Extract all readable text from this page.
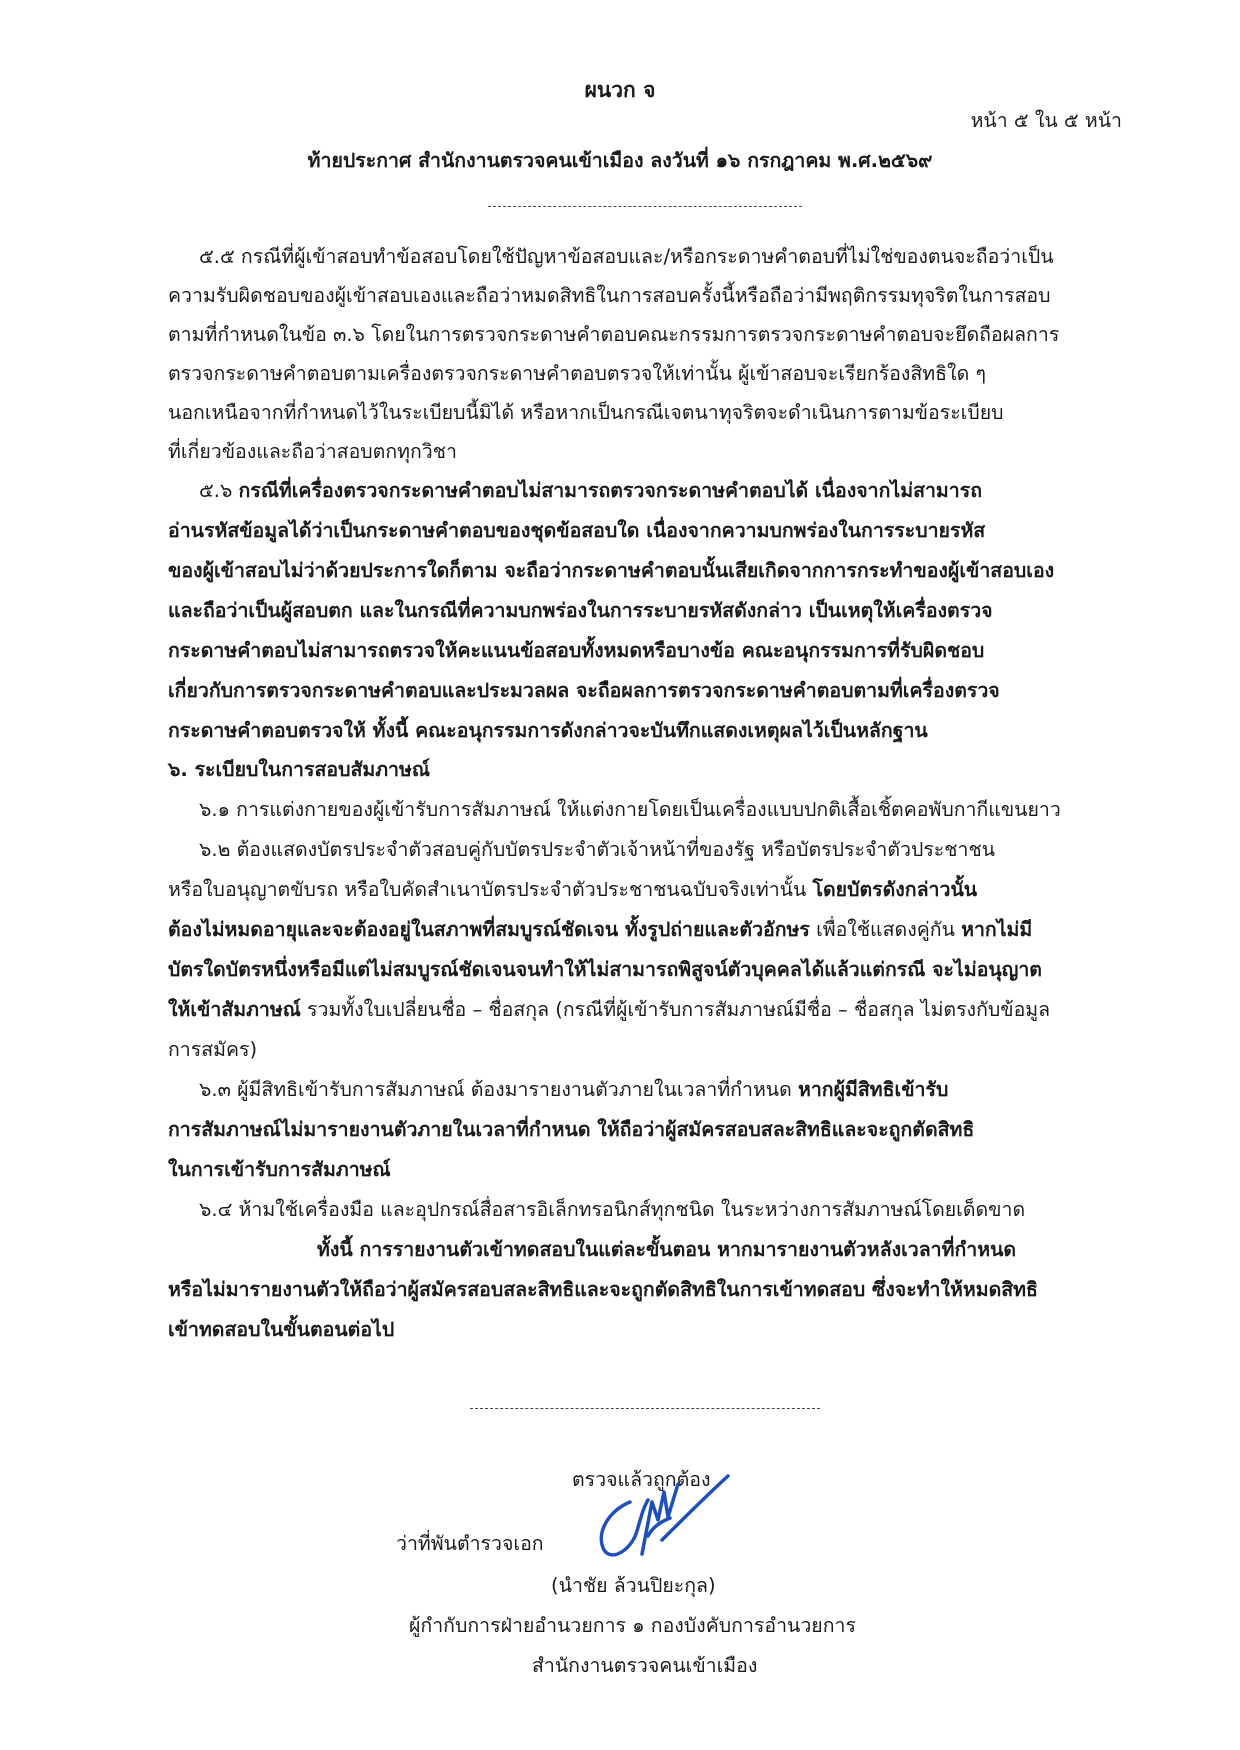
ผนวก จ
หน้า ๕ ใน ๕ หน้า
ท้ายประกาศ สำนักงานตรวจคนเข้าเมือง ลงวันที่ ๑๖ กรกฎาคม พ.ศ.๒๕๖๙
๕.๕ กรณีที่ผู้เข้าสอบทำข้อสอบโดยใช้ปัญหาข้อสอบและ/หรือกระดาษคำตอบที่ไม่ใช่ของตนจะถือว่าเป็น
ความรับผิดชอบของผู้เข้าสอบเองและถือว่าหมดสิทธิในการสอบครั้งนี้หรือถือว่ามีพฤติกรรมทุจริตในการสอบ
ตามที่กำหนดในข้อ ๓.๖ โดยในการตรวจกระดาษคำตอบคณะกรรมการตรวจกระดาษคำตอบจะยึดถือผลการ
ตรวจกระดาษคำตอบตามเครื่องตรวจกระดาษคำตอบตรวจให้เท่านั้น ผู้เข้าสอบจะเรียกร้องสิทธิใด ๆ
นอกเหนือจากที่กำหนดไว้ในระเบียบนี้มิได้ หรือหากเป็นกรณีเจตนาทุจริตจะดำเนินการตามข้อระเบียบ
ที่เกี่ยวข้องและถือว่าสอบตกทุกวิชา
๕.๖ กรณีที่เครื่องตรวจกระดาษคำตอบไม่สามารถตรวจกระดาษคำตอบได้ เนื่องจากไม่สามารถ
อ่านรหัสข้อมูลได้ว่าเป็นกระดาษคำตอบของชุดข้อสอบใด เนื่องจากความบกพร่องในการระบายรหัส
ของผู้เข้าสอบไม่ว่าด้วยประการใดก็ตาม จะถือว่ากระดาษคำตอบนั้นเสียเกิดจากการกระทำของผู้เข้าสอบเอง
และถือว่าเป็นผู้สอบตก และในกรณีที่ความบกพร่องในการระบายรหัสดังกล่าว เป็นเหตุให้เครื่องตรวจ
กระดาษคำตอบไม่สามารถตรวจให้คะแนนข้อสอบทั้งหมดหรือบางข้อ คณะอนุกรรมการที่รับผิดชอบ
เกี่ยวกับการตรวจกระดาษคำตอบและประมวลผล จะถือผลการตรวจกระดาษคำตอบตามที่เครื่องตรวจ
กระดาษคำตอบตรวจให้ ทั้งนี้ คณะอนุกรรมการดังกล่าวจะบันทึกแสดงเหตุผลไว้เป็นหลักฐาน
๖. ระเบียบในการสอบสัมภาษณ์
๖.๑ การแต่งกายของผู้เข้ารับการสัมภาษณ์ ให้แต่งกายโดยเป็นเครื่องแบบปกติเสื้อเชิ้ตคอพับกากีแขนยาว
๖.๒ ต้องแสดงบัตรประจำตัวสอบคู่กับบัตรประจำตัวเจ้าหน้าที่ของรัฐ หรือบัตรประจำตัวประชาชน
หรือใบอนุญาตขับรถ หรือใบคัดสำเนาบัตรประจำตัวประชาชนฉบับจริงเท่านั้น โดยบัตรดังกล่าวนั้น
ต้องไม่หมดอายุและจะต้องอยู่ในสภาพที่สมบูรณ์ชัดเจน ทั้งรูปถ่ายและตัวอักษร เพื่อใช้แสดงคู่กัน หากไม่มี
บัตรใดบัตรหนึ่งหรือมีแต่ไม่สมบูรณ์ชัดเจนจนทำให้ไม่สามารถพิสูจน์ตัวบุคคลได้แล้วแต่กรณี จะไม่อนุญาต
ให้เข้าสัมภาษณ์ รวมทั้งใบเปลี่ยนชื่อ – ชื่อสกุล (กรณีที่ผู้เข้ารับการสัมภาษณ์มีชื่อ – ชื่อสกุล ไม่ตรงกับข้อมูล
การสมัคร)
๖.๓ ผู้มีสิทธิเข้ารับการสัมภาษณ์ ต้องมารายงานตัวภายในเวลาที่กำหนด หากผู้มีสิทธิเข้ารับ
การสัมภาษณ์ไม่มารายงานตัวภายในเวลาที่กำหนด ให้ถือว่าผู้สมัครสอบสละสิทธิและจะถูกตัดสิทธิ
ในการเข้ารับการสัมภาษณ์
๖.๔ ห้ามใช้เครื่องมือ และอุปกรณ์สื่อสารอิเล็กทรอนิกส์ทุกชนิด ในระหว่างการสัมภาษณ์โดยเด็ดขาด
ทั้งนี้ การรายงานตัวเข้าทดสอบในแต่ละขั้นตอน หากมารายงานตัวหลังเวลาที่กำหนด
หรือไม่มารายงานตัวให้ถือว่าผู้สมัครสอบสละสิทธิและจะถูกตัดสิทธิในการเข้าทดสอบ ซึ่งจะทำให้หมดสิทธิ
เข้าทดสอบในขั้นตอนต่อไป
ตรวจแล้วถูกต้อง
ว่าที่พันตำรวจเอก
(นำชัย ล้วนปิยะกุล)
ผู้กำกับการฝ่ายอำนวยการ ๑ กองบังคับการอำนวยการ
สำนักงานตรวจคนเข้าเมือง
